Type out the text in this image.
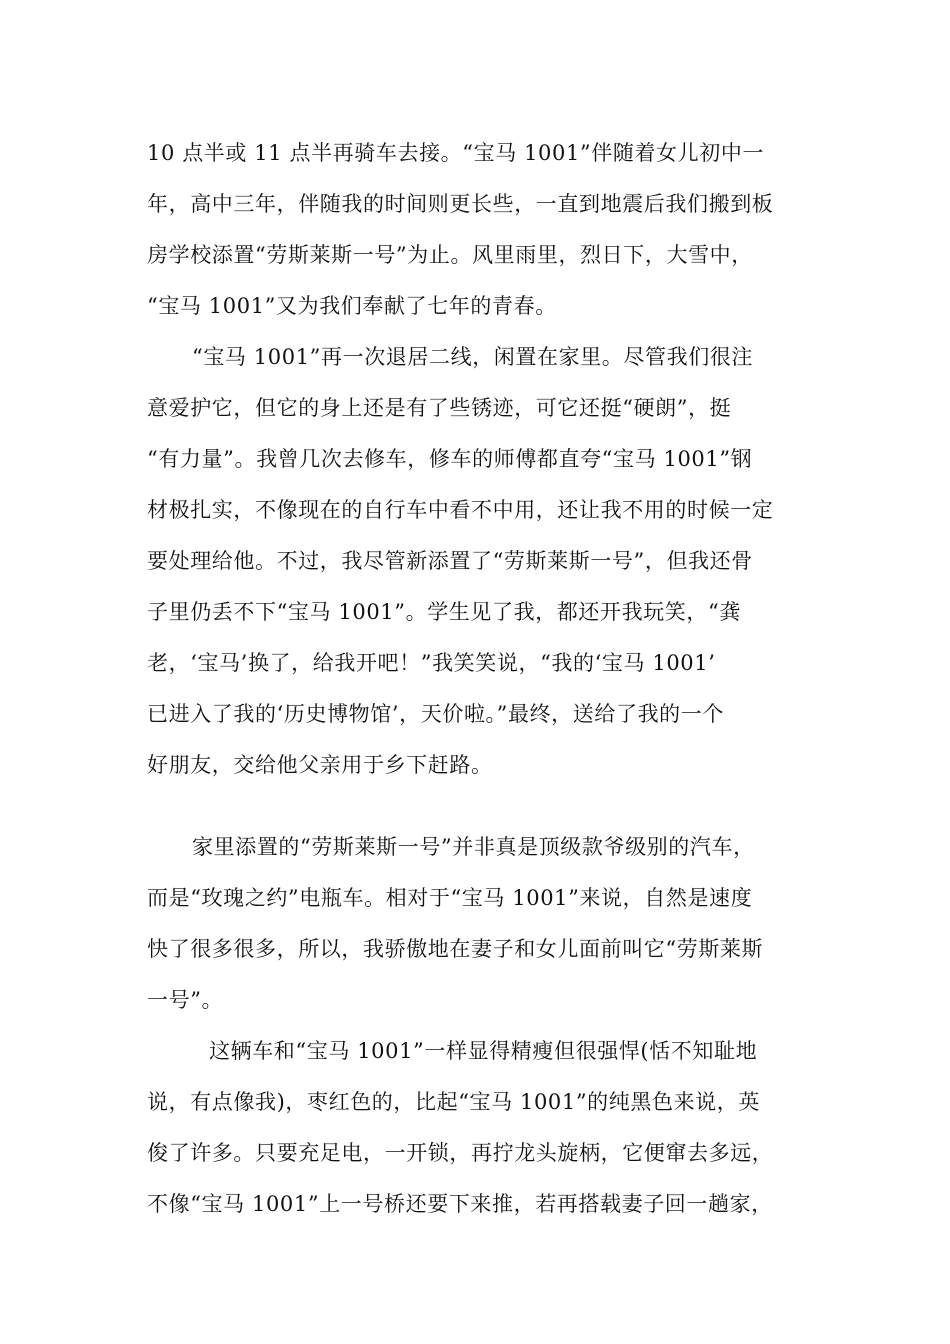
10 点半或 11 点半再骑车去接。“宝马 1001”伴随着女儿初中一
年，高中三年，伴随我的时间则更长些，一直到地震后我们搬到板
房学校添置“劳斯莱斯一号”为止。风里雨里，烈日下，大雪中，
“宝马 1001”又为我们奉献了七年的青春。
“宝马 1001”再一次退居二线，闲置在家里。尽管我们很注
意爱护它，但它的身上还是有了些锈迹，可它还挺“硬朗”，挺
“有力量”。我曾几次去修车，修车的师傅都直夸“宝马 1001”钢
材极扎实，不像现在的自行车中看不中用，还让我不用的时候一定
要处理给他。不过，我尽管新添置了“劳斯莱斯一号”，但我还骨
子里仍丢不下“宝马 1001”。学生见了我，都还开我玩笑，“龚
老，‘宝马’换了，给我开吧！”我笑笑说，“我的‘宝马 1001’
已进入了我的‘历史博物馆’，天价啦。”最终，送给了我的一个
好朋友，交给他父亲用于乡下赶路。
家里添置的“劳斯莱斯一号”并非真是顶级款爷级别的汽车，
而是“玫瑰之约”电瓶车。相对于“宝马 1001”来说，自然是速度
快了很多很多，所以，我骄傲地在妻子和女儿面前叫它“劳斯莱斯
一号”。
这辆车和“宝马 1001”一样显得精瘦但很强悍(恬不知耻地
说，有点像我)，枣红色的，比起“宝马 1001”的纯黑色来说，英
俊了许多。只要充足电，一开锁，再拧龙头旋柄，它便窜去多远，
不像“宝马 1001”上一号桥还要下来推，若再搭载妻子回一趟家，
